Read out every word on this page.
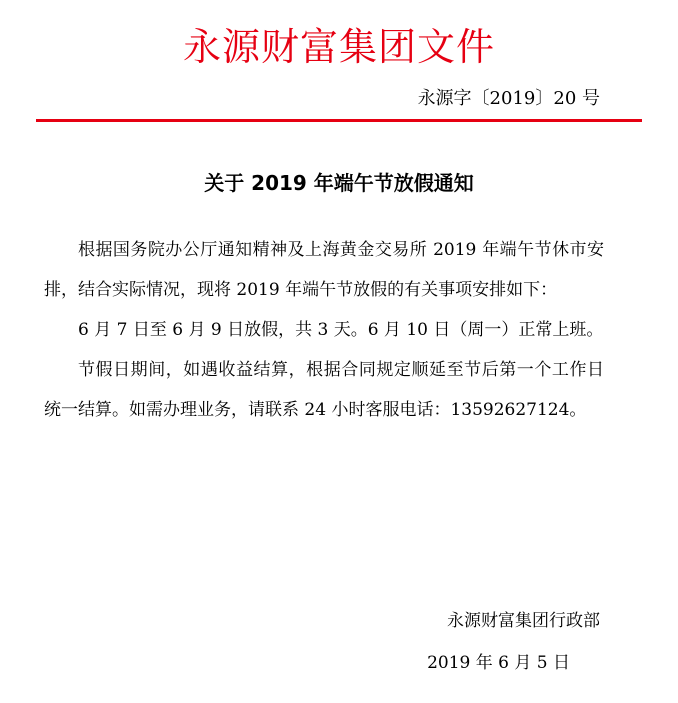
永源财富集团文件
永源字〔2019〕20 号
关于 2019 年端午节放假通知

根据国务院办公厅通知精神及上海黄金交易所 2019 年端午节休市安排，结合实际情况，现将 2019 年端午节放假的有关事项安排如下：

6 月 7 日至 6 月 9 日放假，共 3 天。6 月 10 日（周一）正常上班。

节假日期间，如遇收益结算，根据合同规定顺延至节后第一个工作日统一结算。如需办理业务，请联系 24 小时客服电话：13592627124。

永源财富集团行政部
2019 年 6 月 5 日
